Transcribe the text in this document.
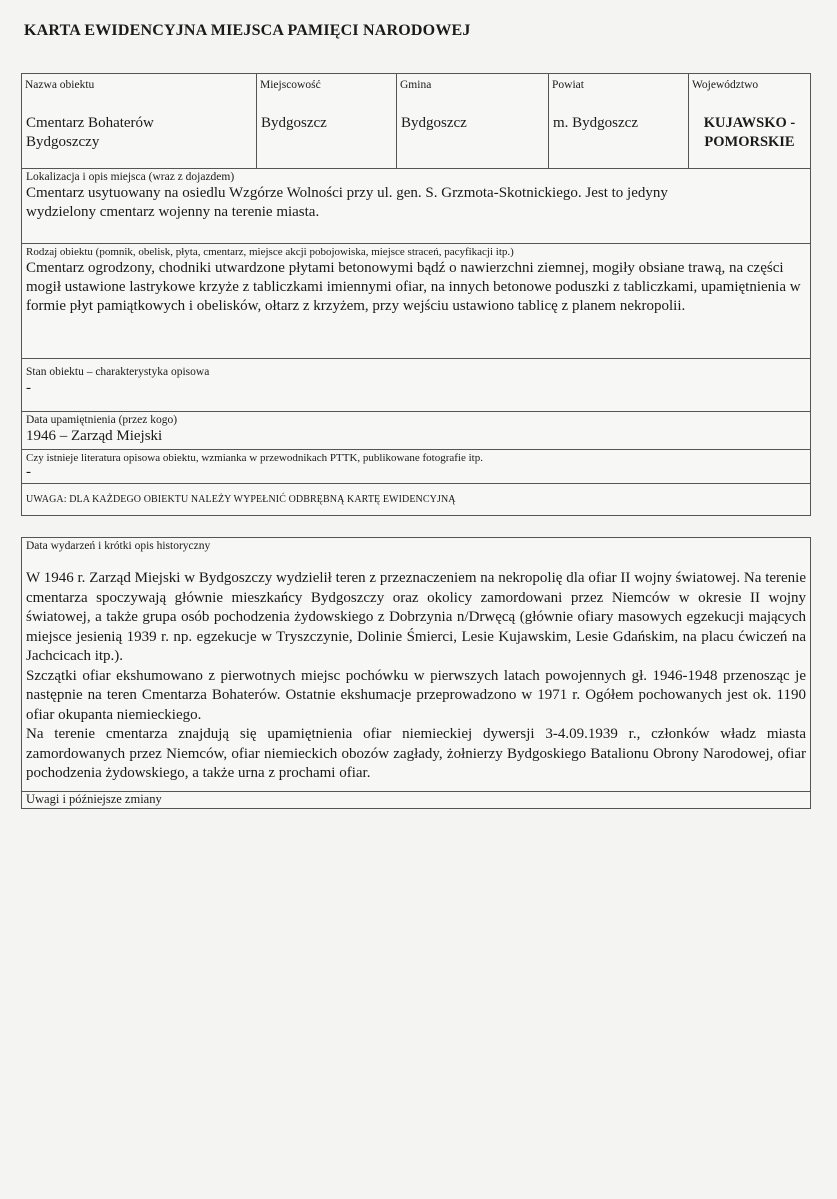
KARTA EWIDENCYJNA MIEJSCA PAMIĘCI NARODOWEJ
Nazwa obiektu
Cmentarz Bohaterów Bydgoszczy
Miejscowość
Bydgoszcz
Gmina
Bydgoszcz
Powiat
m. Bydgoszcz
Województwo
KUJAWSKO - POMORSKIE
Lokalizacja i opis miejsca (wraz z dojazdem)
Cmentarz usytuowany na osiedlu Wzgórze Wolności przy ul. gen. S. Grzmota-Skotnickiego. Jest to jedyny wydzielony cmentarz wojenny na terenie miasta.
Rodzaj obiektu (pomnik, obelisk, płyta, cmentarz, miejsce akcji pobojowiska, miejsce straceń, pacyfikacji itp.)
Cmentarz ogrodzony, chodniki utwardzone płytami betonowymi bądź o nawierzchni ziemnej, mogiły obsiane trawą, na części mogił ustawione lastrykowe krzyże z tabliczkami imiennymi ofiar, na innych betonowe poduszki z tabliczkami, upamiętnienia w formie płyt pamiątkowych i obelisków, ołtarz z krzyżem, przy wejściu ustawiono tablicę z planem nekropolii.
Stan obiektu – charakterystyka opisowa
-
Data upamiętnienia (przez kogo)
1946 – Zarząd Miejski
Czy istnieje literatura opisowa obiektu, wzmianka w przewodnikach PTTK, publikowane fotografie itp.
-
UWAGA: DLA KAŻDEGO OBIEKTU NALEŻY WYPEŁNIĆ ODBRĘBNĄ KARTĘ EWIDENCYJNĄ
Data wydarzeń i krótki opis historyczny

W 1946 r. Zarząd Miejski w Bydgoszczy wydzielił teren z przeznaczeniem na nekropolię dla ofiar II wojny światowej. Na terenie cmentarza spoczywają głównie mieszkańcy Bydgoszczy oraz okolicy zamordowani przez Niemców w okresie II wojny światowej, a także grupa osób pochodzenia żydowskiego z Dobrzynia n/Drwęcą (głównie ofiary masowych egzekucji mających miejsce jesienią 1939 r. np. egzekucje w Tryszczynie, Dolinie Śmierci, Lesie Kujawskim, Lesie Gdańskim, na placu ćwiczeń na Jachcicach itp.).

Szczątki ofiar ekshumowano z pierwotnych miejsc pochówku w pierwszych latach powojennych gł. 1946-1948 przenosząc je następnie na teren Cmentarza Bohaterów. Ostatnie ekshumacje przeprowadzono w 1971 r. Ogółem pochowanych jest ok. 1190 ofiar okupanta niemieckiego.

Na terenie cmentarza znajdują się upamiętnienia ofiar niemieckiej dywersji 3-4.09.1939 r., członków władz miasta zamordowanych przez Niemców, ofiar niemieckich obozów zagłady, żołnierzy Bydgoskiego Batalionu Obrony Narodowej, ofiar pochodzenia żydowskiego, a także urna z prochami ofiar.

Uwagi i późniejsze zmiany
